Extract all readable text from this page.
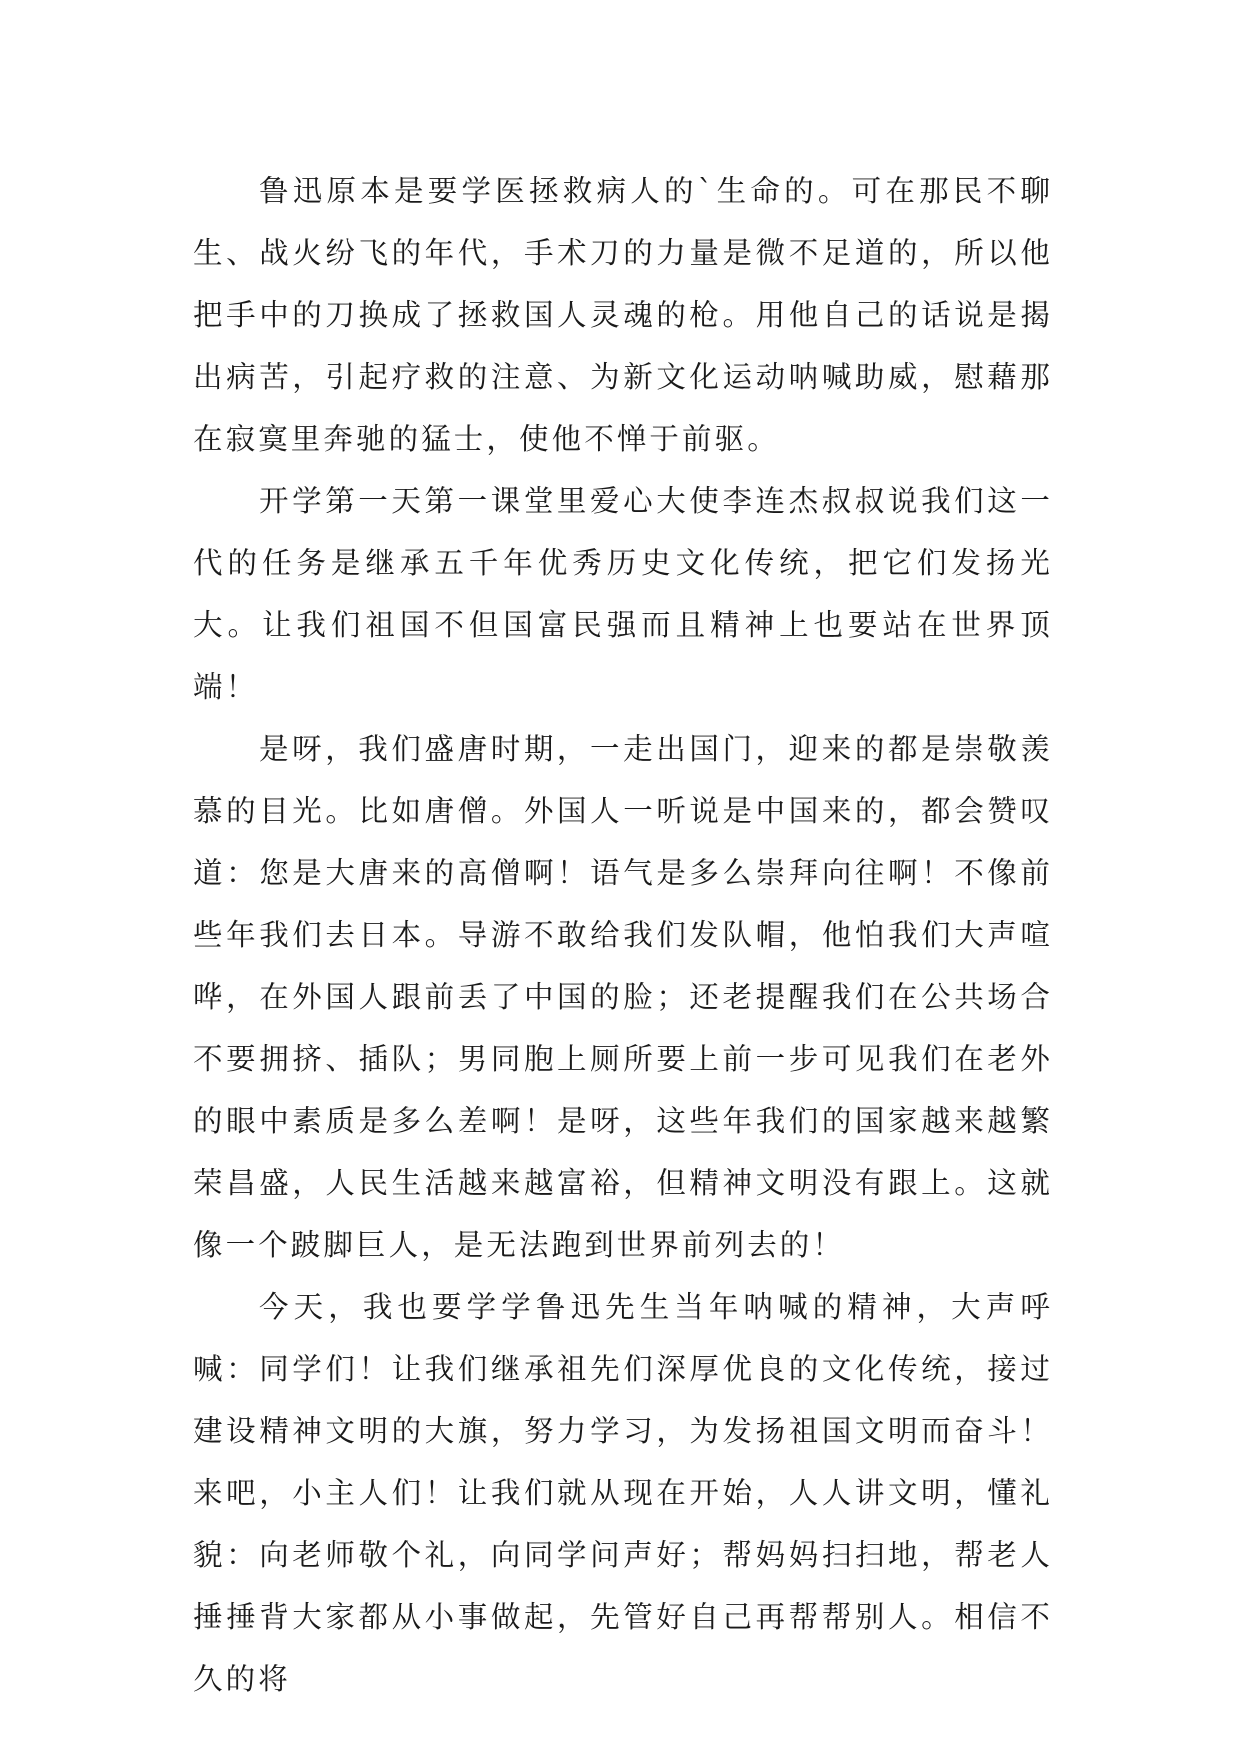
鲁迅原本是要学医拯救病人的`生命的。可在那民不聊生、战火纷飞的年代，手术刀的力量是微不足道的，所以他把手中的刀换成了拯救国人灵魂的枪。用他自己的话说是揭出病苦，引起疗救的注意、为新文化运动呐喊助威，慰藉那在寂寞里奔驰的猛士，使他不惮于前驱。

开学第一天第一课堂里爱心大使李连杰叔叔说我们这一代的任务是继承五千年优秀历史文化传统，把它们发扬光大。让我们祖国不但国富民强而且精神上也要站在世界顶端！

是呀，我们盛唐时期，一走出国门，迎来的都是崇敬羡慕的目光。比如唐僧。外国人一听说是中国来的，都会赞叹道：您是大唐来的高僧啊！语气是多么崇拜向往啊！不像前些年我们去日本。导游不敢给我们发队帽，他怕我们大声喧哗，在外国人跟前丢了中国的脸；还老提醒我们在公共场合不要拥挤、插队；男同胞上厕所要上前一步可见我们在老外的眼中素质是多么差啊！是呀，这些年我们的国家越来越繁荣昌盛，人民生活越来越富裕，但精神文明没有跟上。这就像一个跛脚巨人，是无法跑到世界前列去的！

今天，我也要学学鲁迅先生当年呐喊的精神，大声呼喊：同学们！让我们继承祖先们深厚优良的文化传统，接过建设精神文明的大旗，努力学习，为发扬祖国文明而奋斗！来吧，小主人们！让我们就从现在开始，人人讲文明，懂礼貌：向老师敬个礼，向同学问声好；帮妈妈扫扫地，帮老人捶捶背大家都从小事做起，先管好自己再帮帮别人。相信不久的将
